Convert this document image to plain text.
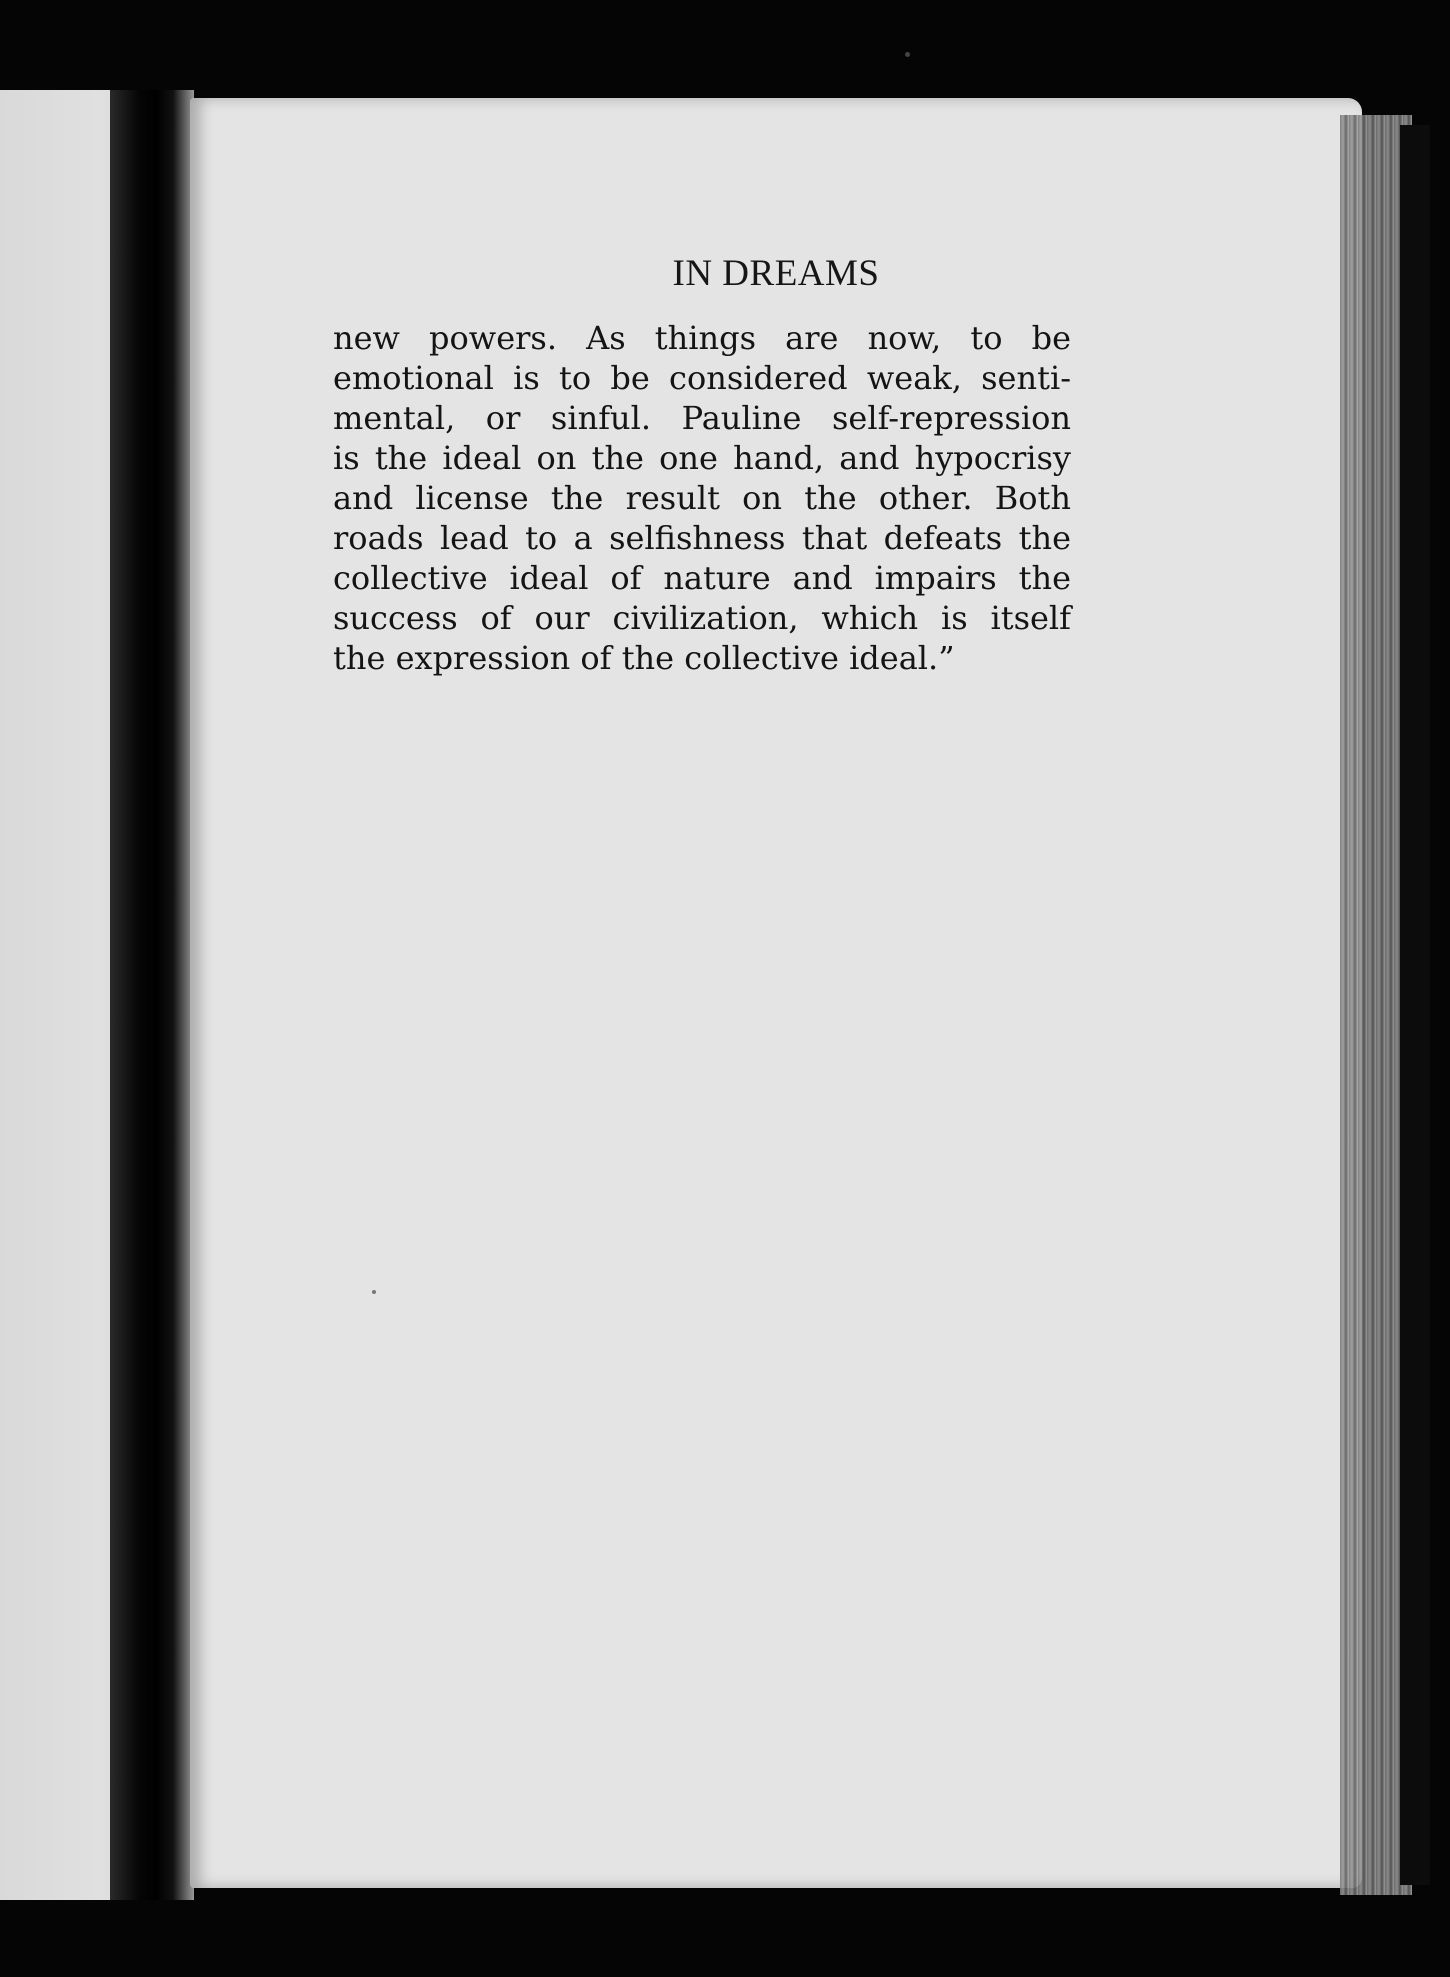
IN DREAMS
new powers. As things are now, to be
emotional is to be considered weak, senti-
mental, or sinful. Pauline self-repression
is the ideal on the one hand, and hypocrisy
and license the result on the other. Both
roads lead to a selfishness that defeats the
collective ideal of nature and impairs the
success of our civilization, which is itself
the expression of the collective ideal.”
